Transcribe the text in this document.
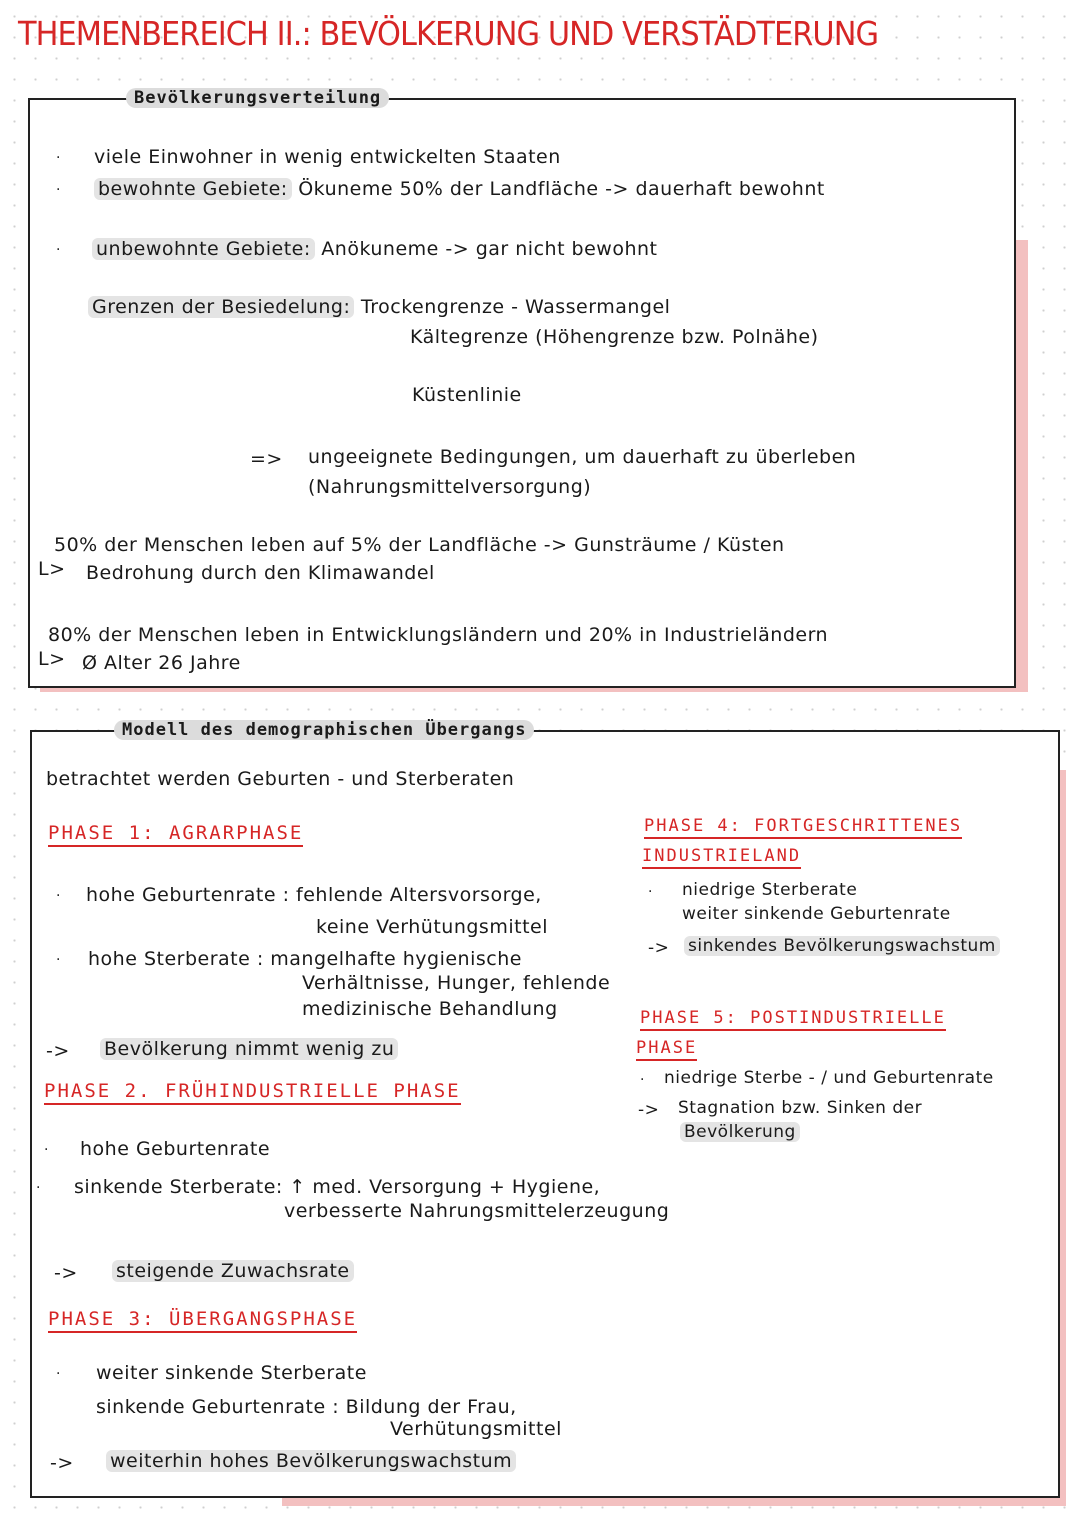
THEMENBEREICH II.: BEVÖLKERUNG UND VERSTÄDTERUNG
Bevölkerungsverteilung
· viele Einwohner in wenig entwickelten Staaten
· bewohnte Gebiete: Ökuneme 50% der Landfläche -> dauerhaft bewohnt
· unbewohnte Gebiete: Anökuneme -> gar nicht bewohnt
Grenzen der Besiedelung: Trockengrenze - Wassermangel
Kältegrenze (Höhengrenze bzw. Polnähe)
Küstenlinie
=> ungeeignete Bedingungen, um dauerhaft zu überleben
(Nahrungsmittelversorgung)
50% der Menschen leben auf 5% der Landfläche -> Gunsträume / Küsten
L> Bedrohung durch den Klimawandel
80% der Menschen leben in Entwicklungsländern und 20% in Industrieländern
L> Ø Alter 26 Jahre
Modell des demographischen Übergangs
betrachtet werden Geburten - und Sterberaten
PHASE 1: AGRARPHASE
· hohe Geburtenrate : fehlende Altersvorsorge,
keine Verhütungsmittel
· hohe Sterberate : mangelhafte hygienische
Verhältnisse, Hunger, fehlende
medizinische Behandlung
-> Bevölkerung nimmt wenig zu
PHASE 2. FRÜHINDUSTRIELLE PHASE
· hohe Geburtenrate
· sinkende Sterberate: ↑ med. Versorgung + Hygiene,
verbesserte Nahrungsmittelerzeugung
-> steigende Zuwachsrate
PHASE 3: ÜBERGANGSPHASE
· weiter sinkende Sterberate
sinkende Geburtenrate : Bildung der Frau,
Verhütungsmittel
-> weiterhin hohes Bevölkerungswachstum
PHASE 4: FORTGESCHRITTENES
INDUSTRIELAND
· niedrige Sterberate
weiter sinkende Geburtenrate
-> sinkendes Bevölkerungswachstum
PHASE 5: POSTINDUSTRIELLE
PHASE
· niedrige Sterbe - / und Geburtenrate
-> Stagnation bzw. Sinken der
Bevölkerung
